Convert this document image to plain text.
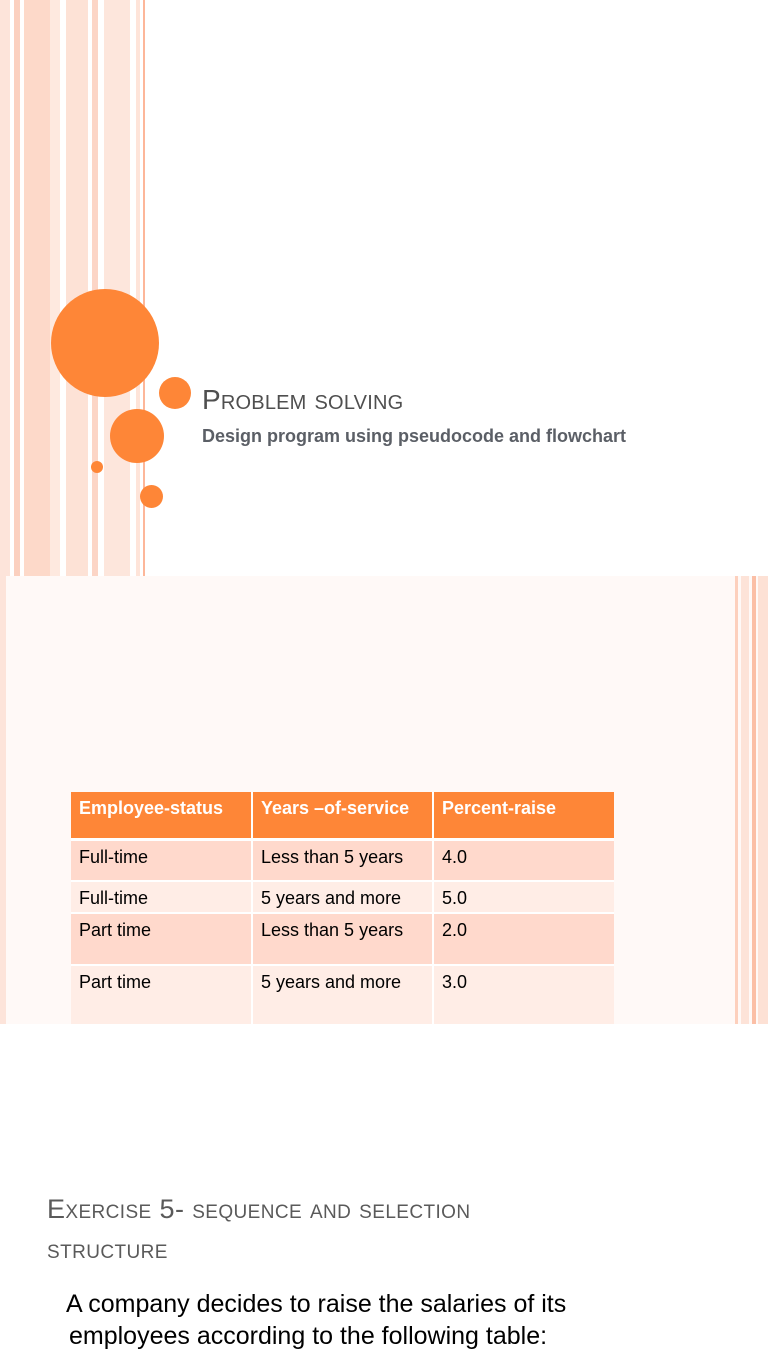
Problem solving
Design program using pseudocode and flowchart
Exercise 5- sequence and selection
structure
A company decides to raise the salaries of its
employees according to the following table:
Employee-status	Years –of-service	Percent-raise
Full-time	Less than 5 years	4.0
Full-time	5 years and more	5.0
Part time	Less than 5 years	2.0
Part time	5 years and more	3.0
